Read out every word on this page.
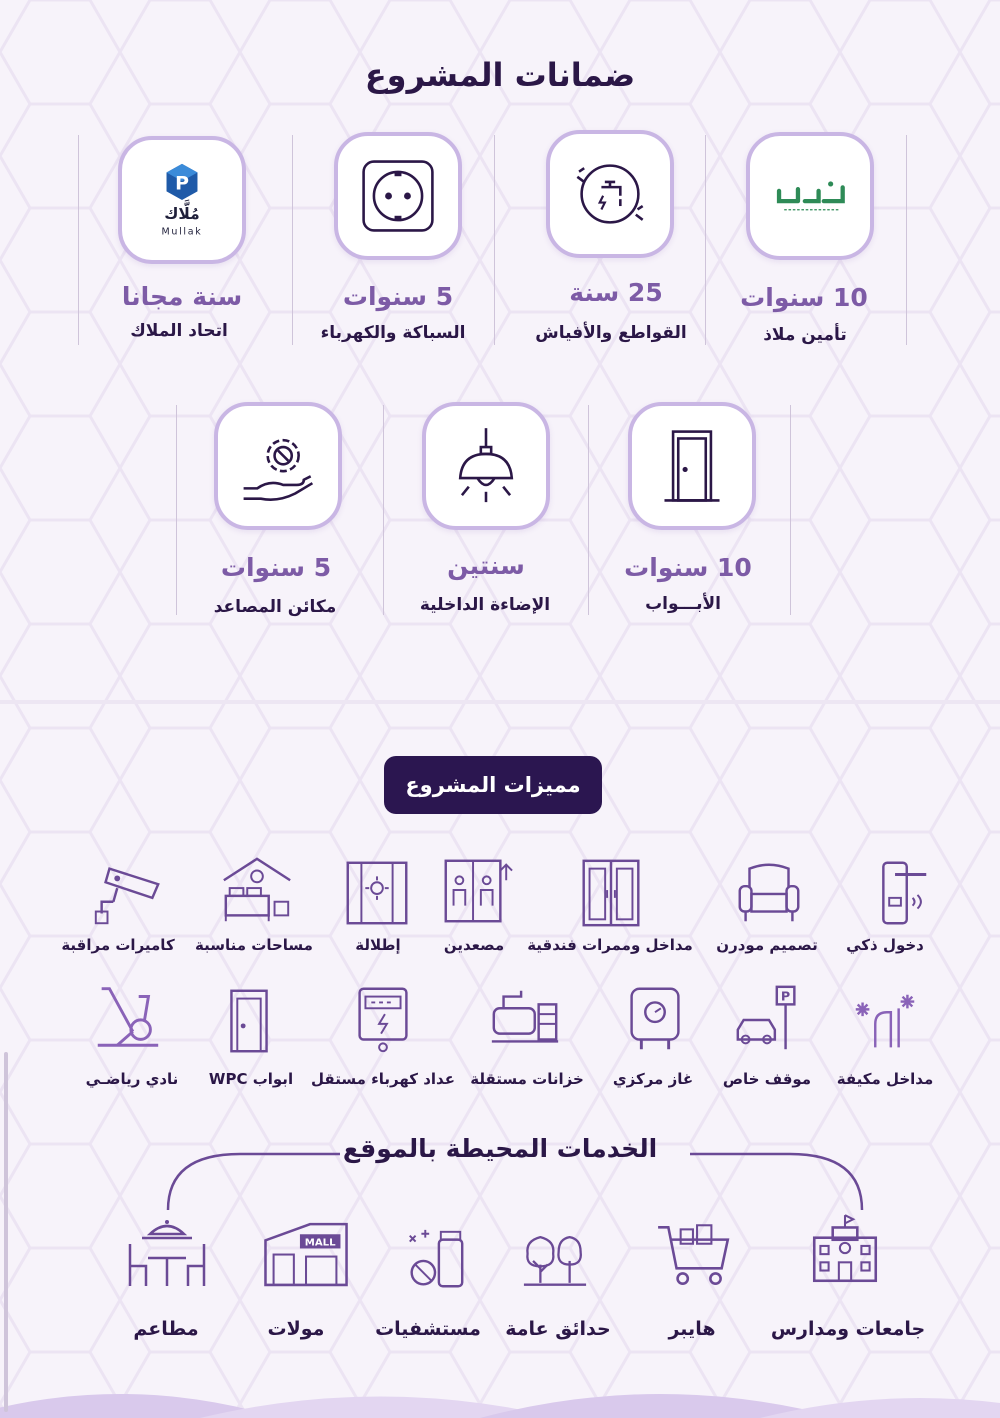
ضمانات المشروع
10 سنوات
تأمين ملاذ
25 سنة
القواطع والأفياش
5 سنوات
السباكة والكهرباء
P
مُلَّاك
Mullak
سنة مجانا
اتحاد الملاك
10 سنوات
الأبـــواب
سنتين
الإضاءة الداخلية
5 سنوات
مكائن المصاعد
مميزات المشروع
دخول ذكي
تصميم مودرن
مداخل وممرات فندقية
مصعدين
إطلالة
مساحات مناسبة
كاميرات مراقبة
مداخل مكيفة
P
موقف خاص
غاز مركزي
خزانات مستقلة
عداد كهرباء مستقل
ابواب WPC
نادي رياضـي
الخدمات المحيطة بالموقع
جامعات ومدارس
هايبر
حدائق عامة
مستشفيات
MALL
مولات
مطاعم
